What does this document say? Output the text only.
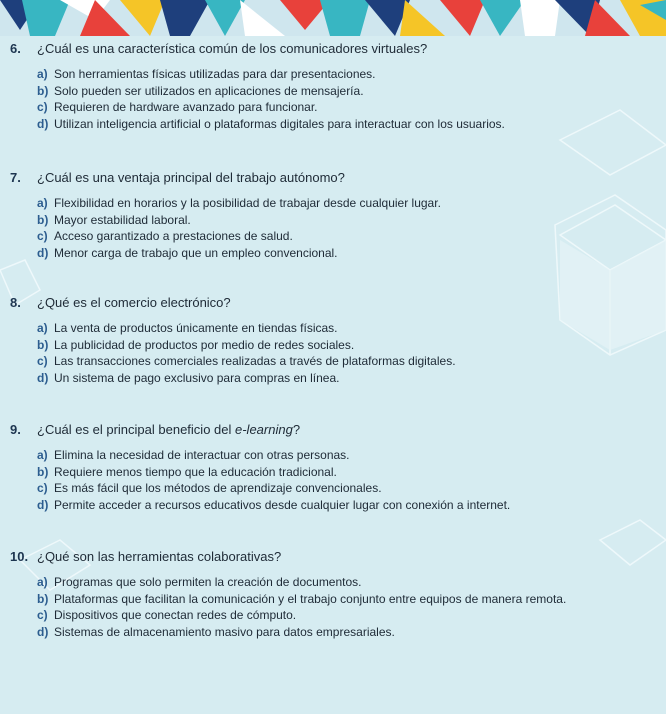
6. ¿Cuál es una característica común de los comunicadores virtuales?
a) Son herramientas físicas utilizadas para dar presentaciones.
b) Solo pueden ser utilizados en aplicaciones de mensajería.
c) Requieren de hardware avanzado para funcionar.
d) Utilizan inteligencia artificial o plataformas digitales para interactuar con los usuarios.
7. ¿Cuál es una ventaja principal del trabajo autónomo?
a) Flexibilidad en horarios y la posibilidad de trabajar desde cualquier lugar.
b) Mayor estabilidad laboral.
c) Acceso garantizado a prestaciones de salud.
d) Menor carga de trabajo que un empleo convencional.
8. ¿Qué es el comercio electrónico?
a) La venta de productos únicamente en tiendas físicas.
b) La publicidad de productos por medio de redes sociales.
c) Las transacciones comerciales realizadas a través de plataformas digitales.
d) Un sistema de pago exclusivo para compras en línea.
9. ¿Cuál es el principal beneficio del e-learning?
a) Elimina la necesidad de interactuar con otras personas.
b) Requiere menos tiempo que la educación tradicional.
c) Es más fácil que los métodos de aprendizaje convencionales.
d) Permite acceder a recursos educativos desde cualquier lugar con conexión a internet.
10. ¿Qué son las herramientas colaborativas?
a) Programas que solo permiten la creación de documentos.
b) Plataformas que facilitan la comunicación y el trabajo conjunto entre equipos de manera remota.
c) Dispositivos que conectan redes de cómputo.
d) Sistemas de almacenamiento masivo para datos empresariales.
